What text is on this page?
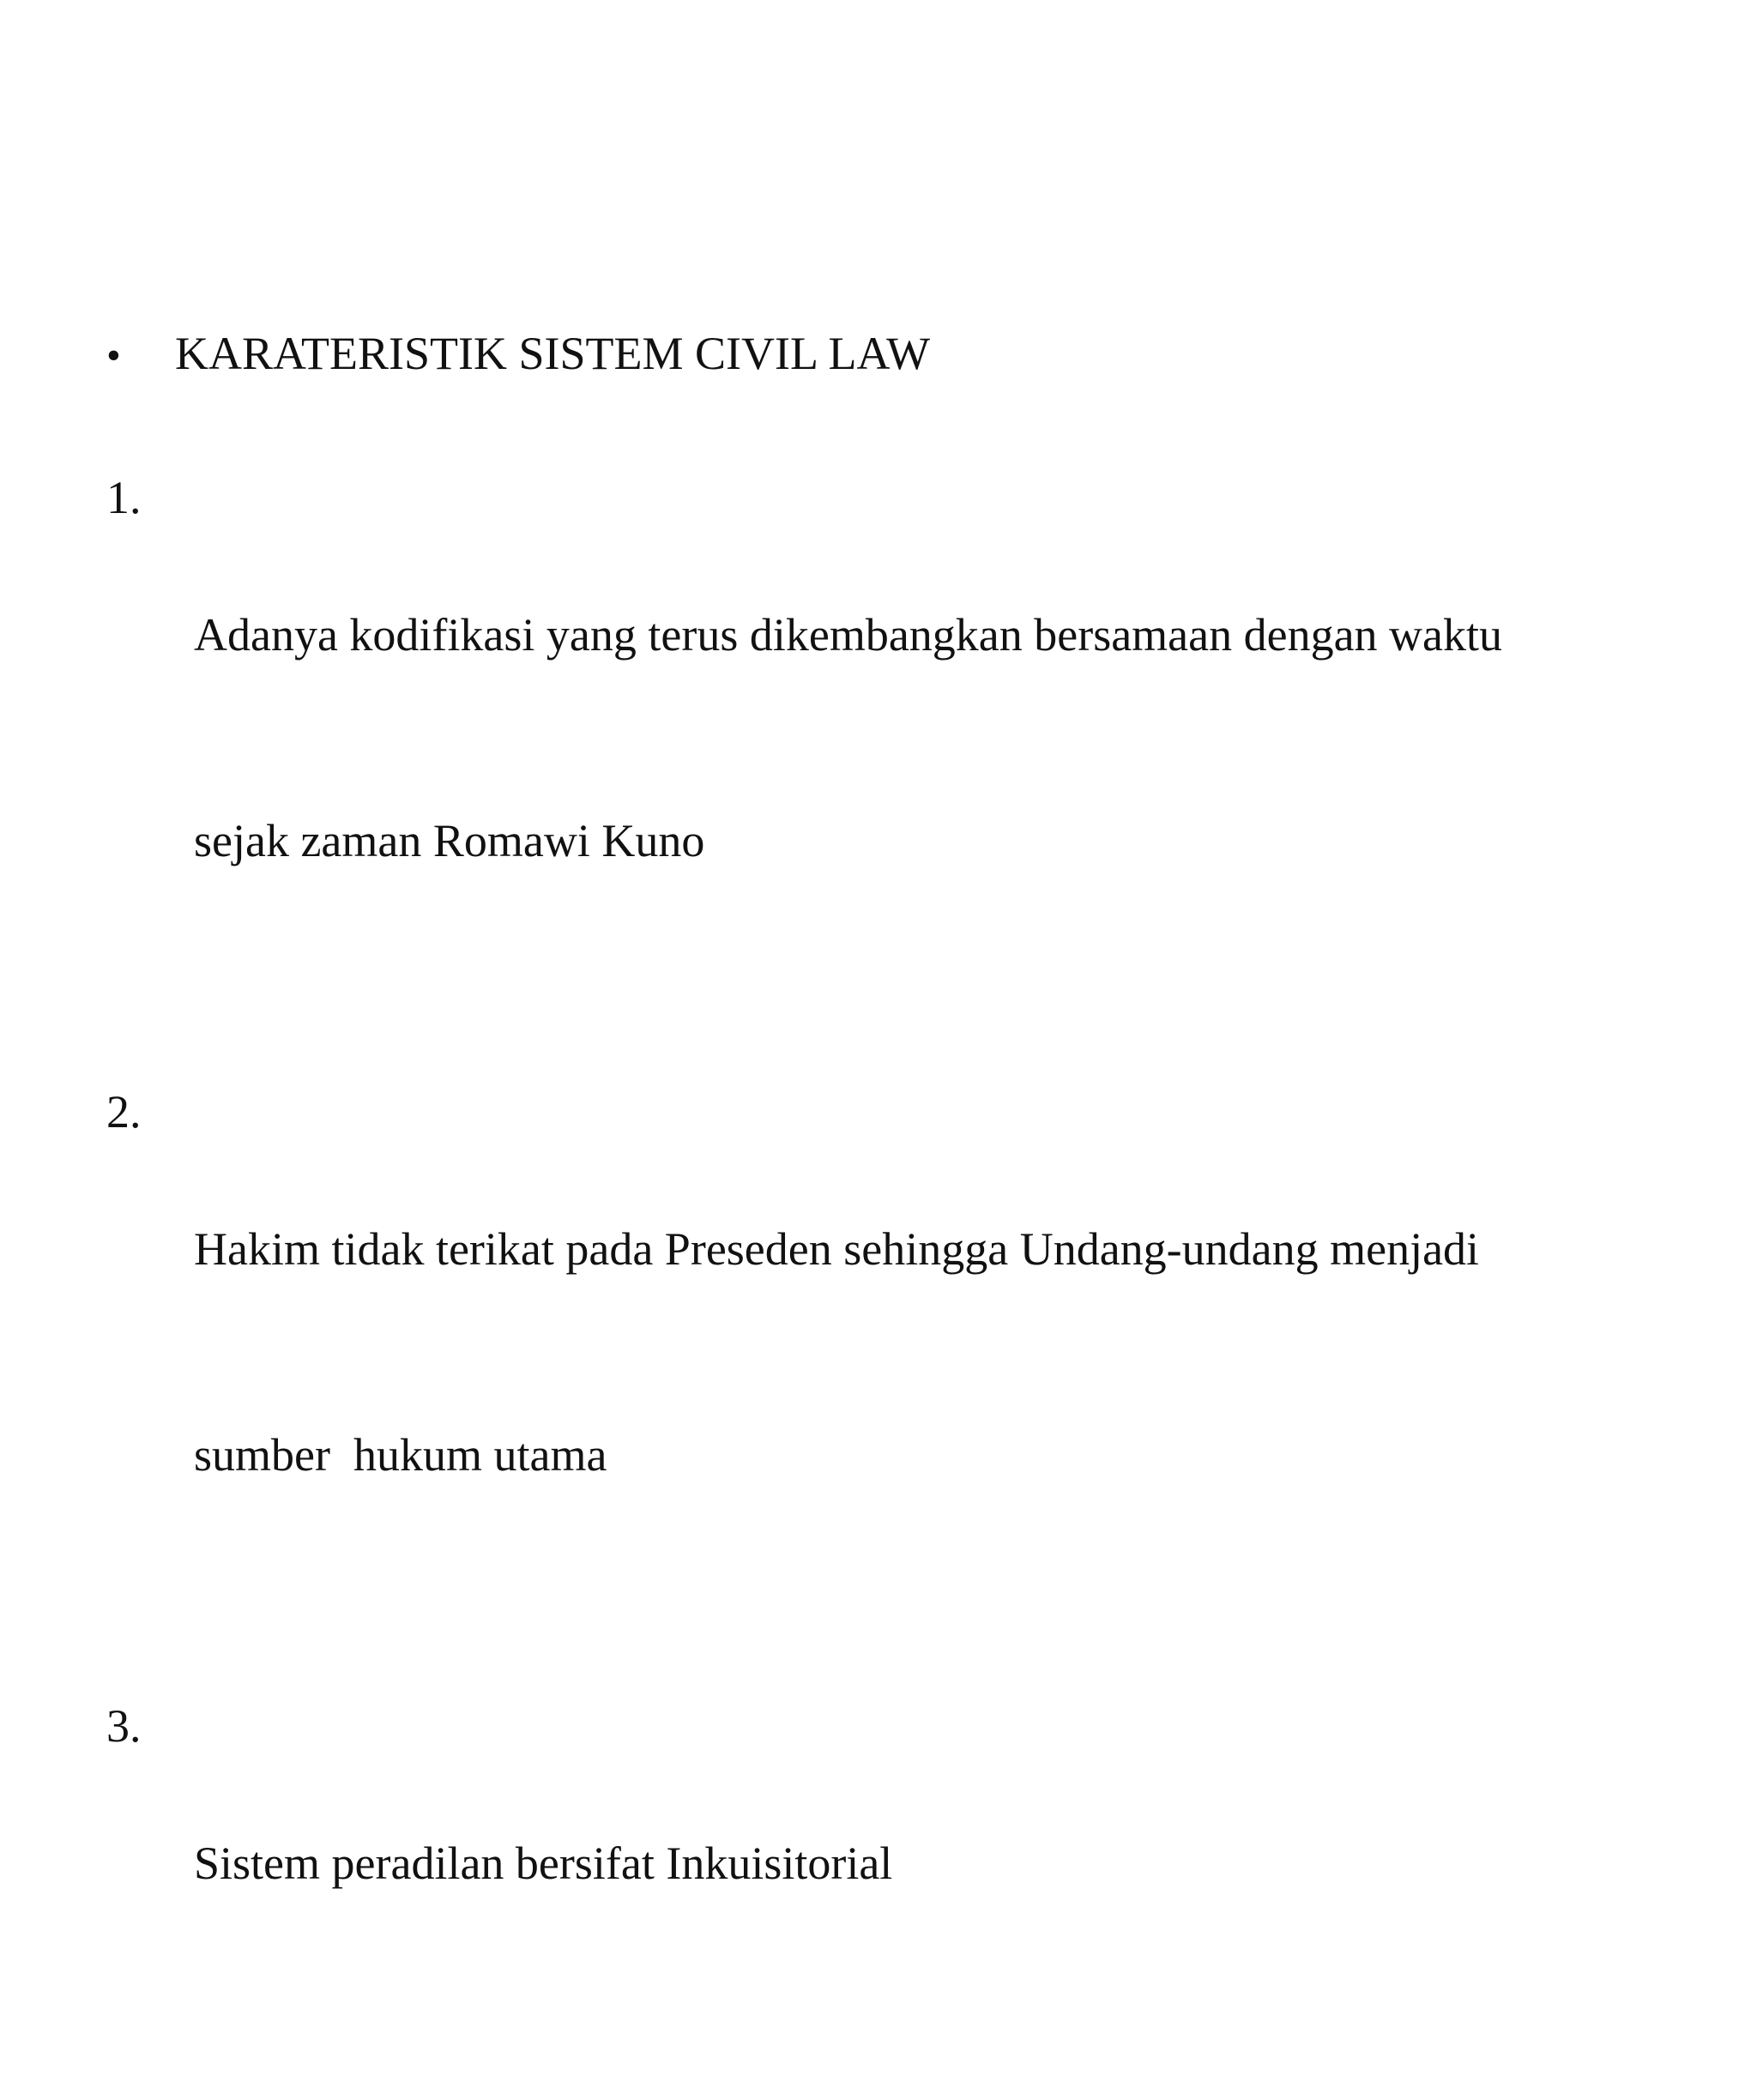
•	KARATERISTIK SISTEM CIVIL LAW
1.

Adanya kodifikasi yang terus dikembangkan bersamaan dengan waktu

sejak zaman Romawi Kuno

2.

Hakim tidak terikat pada Preseden sehingga Undang-undang menjadi

sumber  hukum utama

3.

Sistem peradilan bersifat Inkuisitorial
